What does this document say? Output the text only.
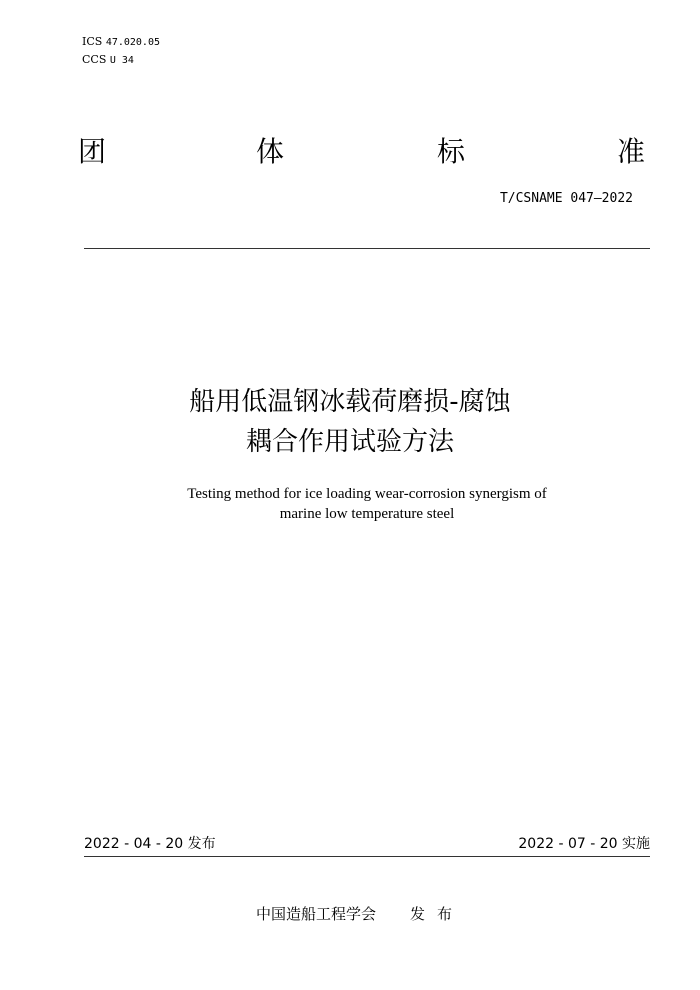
ICS 47.020.05
CCS U 34
团	体	标	准
T/CSNAME 047—2022
船用低温钢冰载荷磨损-腐蚀
耦合作用试验方法
Testing method for ice loading wear-corrosion synergism of
marine low temperature steel
2022 - 04 - 20 发布	2022 - 07 - 20 实施
中国造船工程学会 发布
